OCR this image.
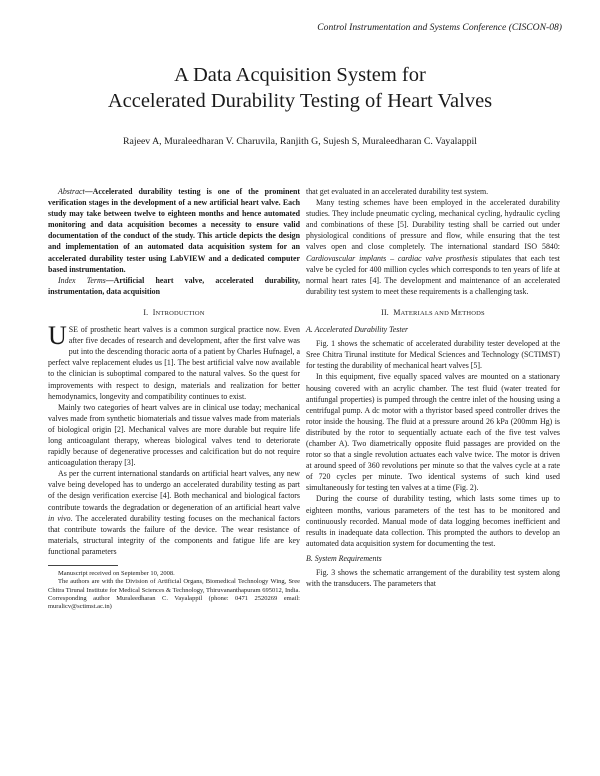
Control Instrumentation and Systems Conference (CISCON-08)
A Data Acquisition System for
Accelerated Durability Testing of Heart Valves
Rajeev A, Muraleedharan V. Charuvila, Ranjith G, Sujesh S, Muraleedharan C. Vayalappil

Abstract—Accelerated durability testing is one of the prominent verification stages in the development of a new artificial heart valve. Each study may take between twelve to eighteen months and hence automated monitoring and data acquisition becomes a necessity to ensure valid documentation of the conduct of the study. This article depicts the design and implementation of an automated data acquisition system for an accelerated durability tester using LabVIEW and a dedicated computer based instrumentation.

Index Terms—Artificial heart valve, accelerated durability, instrumentation, data acquisition

I. INTRODUCTION

USE of prosthetic heart valves is a common surgical practice now. Even after five decades of research and development, after the first valve was put into the descending thoracic aorta of a patient by Charles Hufnagel, a perfect valve replacement eludes us [1]. The best artificial valve now available to the clinician is suboptimal compared to the natural valves. So the quest for improvements with respect to design, materials and realization for better hemodynamics, longevity and compatibility continues to exist.

Mainly two categories of heart valves are in clinical use today; mechanical valves made from synthetic biomaterials and tissue valves made from materials of biological origin [2]. Mechanical valves are more durable but require life long anticoagulant therapy, whereas biological valves tend to deteriorate rapidly because of degenerative processes and calcification but do not require anticoagulation therapy [3].

As per the current international standards on artificial heart valves, any new valve being developed has to undergo an accelerated durability testing as part of the design verification exercise [4]. Both mechanical and biological factors contribute towards the degradation or degeneration of an artificial heart valve in vivo. The accelerated durability testing focuses on the mechanical factors that contribute towards the failure of the device. The wear resistance of materials, structural integrity of the components and fatigue life are key functional parameters

Manuscript received on September 10, 2008.

The authors are with the Division of Artificial Organs, Biomedical Technology Wing, Sree Chitra Tirunal Institute for Medical Sciences & Technology, Thiruvananthapuram 695012, India. Corresponding author Muraleedharan C. Vayalappil (phone: 0471 2520269 email: muralicv@sctimst.ac.in)

that get evaluated in an accelerated durability test system.

Many testing schemes have been employed in the accelerated durability studies. They include pneumatic cycling, mechanical cycling, hydraulic cycling and combinations of these [5]. Durability testing shall be carried out under physiological conditions of pressure and flow, while ensuring that the test valves open and close completely. The international standard ISO 5840: Cardiovascular implants – cardiac valve prosthesis stipulates that each test valve be cycled for 400 million cycles which corresponds to ten years of life at normal heart rates [4]. The development and maintenance of an accelerated durability test system to meet these requirements is a challenging task.

II. MATERIALS AND METHODS
A. Accelerated Durability Tester

Fig. 1 shows the schematic of accelerated durability tester developed at the Sree Chitra Tirunal institute for Medical Sciences and Technology (SCTIMST) for testing the durability of mechanical heart valves [5].

In this equipment, five equally spaced valves are mounted on a stationary housing covered with an acrylic chamber. The test fluid (water treated for antifungal properties) is pumped through the centre inlet of the housing using a centrifugal pump. A dc motor with a thyristor based speed controller drives the rotor inside the housing. The fluid at a pressure around 26 kPa (200mm Hg) is distributed by the rotor to sequentially actuate each of the five test valves (chamber A). Two diametrically opposite fluid passages are provided on the rotor so that a single revolution actuates each valve twice. The motor is driven at around speed of 360 revolutions per minute so that the valves cycle at a rate of 720 cycles per minute. Two identical systems of such kind used simultaneously for testing ten valves at a time (Fig. 2).

During the course of durability testing, which lasts some times up to eighteen months, various parameters of the test has to be monitored and continuously recorded. Manual mode of data logging becomes inefficient and results in inadequate data collection. This prompted the authors to develop an automated data acquisition system for documenting the test.

B. System Requirements

Fig. 3 shows the schematic arrangement of the durability test system along with the transducers. The parameters that
